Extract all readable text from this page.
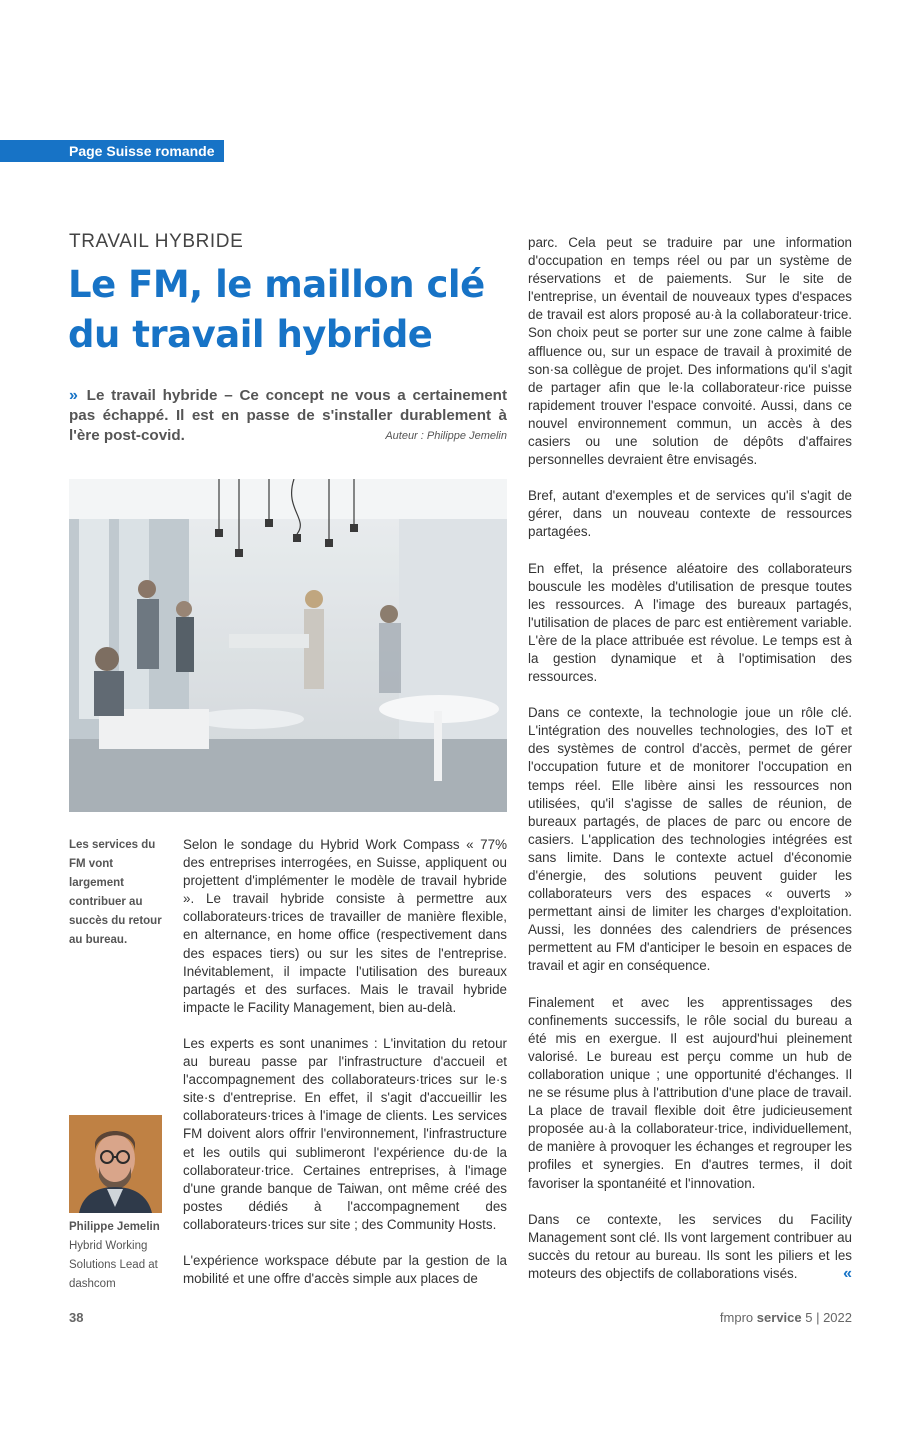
Page Suisse romande
TRAVAIL HYBRIDE
Le FM, le maillon clé du travail hybride
» Le travail hybride – Ce concept ne vous a certainement pas échappé. Il est en passe de s'installer durablement à l'ère post-covid.	Auteur : Philippe Jemelin
Les services du FM vont largement contribuer au succès du retour au bureau.
Philippe Jemelin
Hybrid Working Solutions Lead at dashcom

Selon le sondage du Hybrid Work Compass « 77% des entreprises interrogées, en Suisse, appliquent ou projettent d'implémenter le modèle de travail hybride ». Le travail hybride consiste à permettre aux collaborateurs·trices de travailler de manière flexible, en alternance, en home office (respectivement dans des espaces tiers) ou sur les sites de l'entreprise. Inévitablement, il impacte l'utilisation des bureaux partagés et des surfaces. Mais le travail hybride impacte le Facility Management, bien au-delà.

Les experts es sont unanimes : L'invitation du retour au bureau passe par l'infrastructure d'accueil et l'accompagnement des collaborateurs·trices sur le·s site·s d'entreprise. En effet, il s'agit d'accueillir les collaborateurs·trices à l'image de clients. Les services FM doivent alors offrir l'environnement, l'infrastructure et les outils qui sublimeront l'expérience du·de la collaborateur·trice. Certaines entreprises, à l'image d'une grande banque de Taiwan, ont même créé des postes dédiés à l'accompagnement des collaborateurs·trices sur site ; des Community Hosts.

L'expérience workspace débute par la gestion de la mobilité et une offre d'accès simple aux places de

parc. Cela peut se traduire par une information d'occupation en temps réel ou par un système de réservations et de paiements. Sur le site de l'entreprise, un éventail de nouveaux types d'espaces de travail est alors proposé au·à la collaborateur·trice. Son choix peut se porter sur une zone calme à faible affluence ou, sur un espace de travail à proximité de son·sa collègue de projet. Des informations qu'il s'agit de partager afin que le·la collaborateur·rice puisse rapidement trouver l'espace convoité. Aussi, dans ce nouvel environnement commun, un accès à des casiers ou une solution de dépôts d'affaires personnelles devraient être envisagés.

Bref, autant d'exemples et de services qu'il s'agit de gérer, dans un nouveau contexte de ressources partagées.

En effet, la présence aléatoire des collaborateurs bouscule les modèles d'utilisation de presque toutes les ressources. A l'image des bureaux partagés, l'utilisation de places de parc est entièrement variable. L'ère de la place attribuée est révolue. Le temps est à la gestion dynamique et à l'optimisation des ressources.

Dans ce contexte, la technologie joue un rôle clé. L'intégration des nouvelles technologies, des IoT et des systèmes de control d'accès, permet de gérer l'occupation future et de monitorer l'occupation en temps réel. Elle libère ainsi les ressources non utilisées, qu'il s'agisse de salles de réunion, de bureaux partagés, de places de parc ou encore de casiers. L'application des technologies intégrées est sans limite. Dans le contexte actuel d'économie d'énergie, des solutions peuvent guider les collaborateurs vers des espaces « ouverts » permettant ainsi de limiter les charges d'exploitation. Aussi, les données des calendriers de présences permettent au FM d'anticiper le besoin en espaces de travail et agir en conséquence.

Finalement et avec les apprentissages des confinements successifs, le rôle social du bureau a été mis en exergue. Il est aujourd'hui pleinement valorisé. Le bureau est perçu comme un hub de collaboration unique ; une opportunité d'échanges. Il ne se résume plus à l'attribution d'une place de travail. La place de travail flexible doit être judicieusement proposée au·à la collaborateur·trice, individuellement, de manière à provoquer les échanges et regrouper les profiles et synergies. En d'autres termes, il doit favoriser la spontanéité et l'innovation.

Dans ce contexte, les services du Facility Management sont clé. Ils vont largement contribuer au succès du retour au bureau. Ils sont les piliers et les moteurs des objectifs de collaborations visés.	«

38	fmpro service 5 | 2022
